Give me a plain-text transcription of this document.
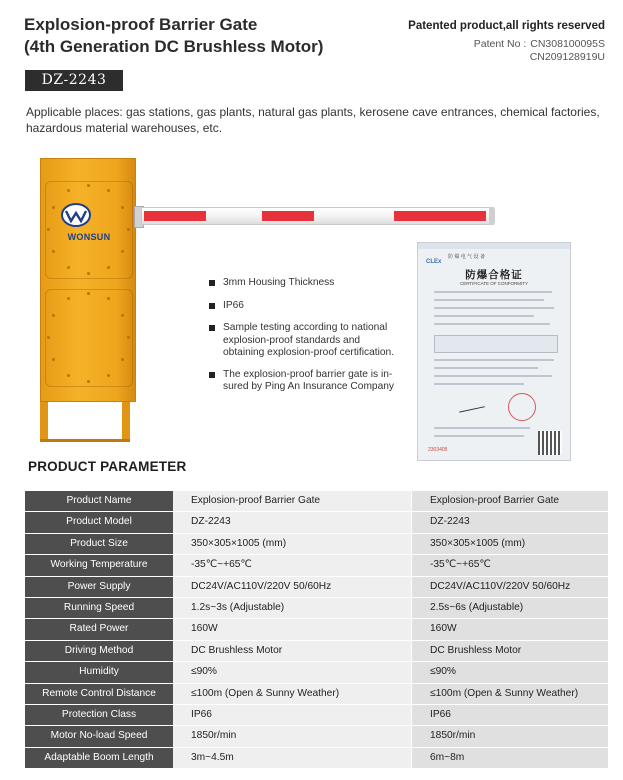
Explosion-proof Barrier Gate
(4th Generation DC Brushless Motor)
Patented product,all rights reserved
Patent No : CN308100095S
CN209128919U
DZ-2243
Applicable places: gas stations, gas plants, natural gas plants, kerosene cave entrances, chemical factories, hazardous material warehouses, etc.
WONSUN
3mm Housing Thickness
IP66
Sample testing according to national explosion-proof standards and obtaining explosion-proof certification.
The explosion-proof barrier gate is in-sured by Ping An Insurance Company
防 爆 电 气 设 备
CLEx
防爆合格证
CERTIFICATE OF CONFORMITY
2303405
PRODUCT PARAMETER
Product Name	Explosion-proof Barrier Gate	Explosion-proof Barrier Gate
Product Model	DZ-2243	DZ-2243
Product Size	350×305×1005 (mm)	350×305×1005 (mm)
Working Temperature	-35℃~+65℃	-35℃~+65℃
Power Supply	DC24V/AC110V/220V 50/60Hz	DC24V/AC110V/220V 50/60Hz
Running Speed	1.2s~3s (Adjustable)	2.5s~6s (Adjustable)
Rated Power	160W	160W
Driving Method	DC Brushless Motor	DC Brushless Motor
Humidity	≤90%	≤90%
Remote Control Distance	≤100m (Open & Sunny Weather)	≤100m (Open & Sunny Weather)
Protection Class	IP66	IP66
Motor No-load Speed	1850r/min	1850r/min
Adaptable Boom Length	3m~4.5m	6m~8m
